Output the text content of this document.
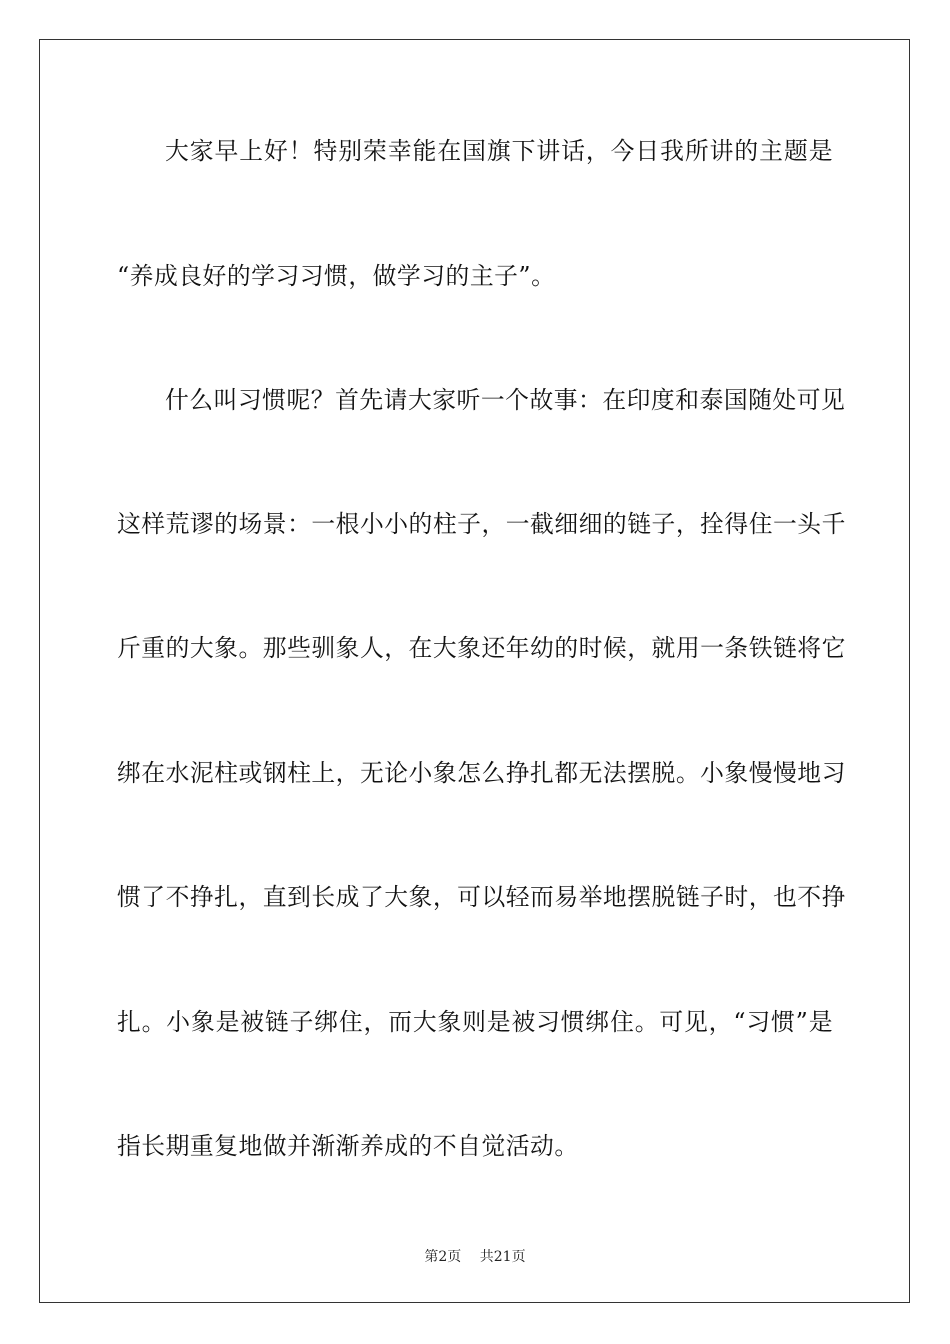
大家早上好！特别荣幸能在国旗下讲话，今日我所讲的主题是
“养成良好的学习习惯，做学习的主子”。
什么叫习惯呢？首先请大家听一个故事：在印度和泰国随处可见
这样荒谬的场景：一根小小的柱子，一截细细的链子，拴得住一头千
斤重的大象。那些驯象人，在大象还年幼的时候，就用一条铁链将它
绑在水泥柱或钢柱上，无论小象怎么挣扎都无法摆脱。小象慢慢地习
惯了不挣扎，直到长成了大象，可以轻而易举地摆脱链子时，也不挣
扎。小象是被链子绑住，而大象则是被习惯绑住。可见，“习惯”是
指长期重复地做并渐渐养成的不自觉活动。
第2页 共21页
